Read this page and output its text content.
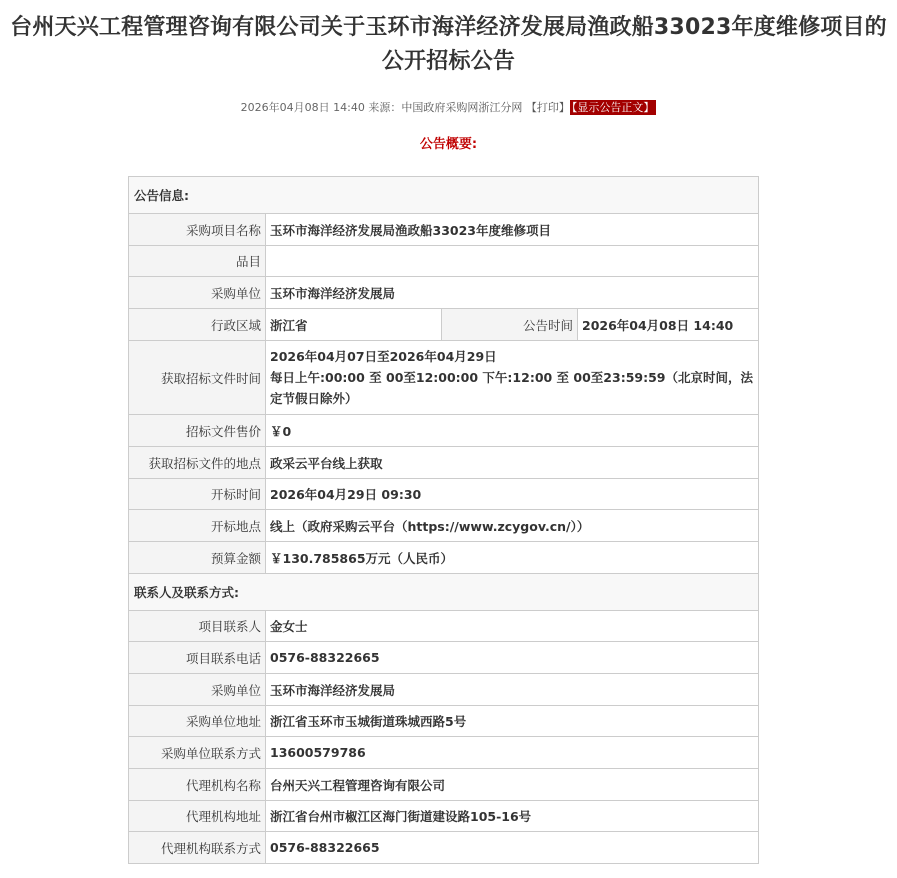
台州天兴工程管理咨询有限公司关于玉环市海洋经济发展局渔政船33023年度维修项目的公开招标公告
2026年04月08日 14:40 来源：中国政府采购网浙江分网 【打印】 【显示公告正文】
公告概要:
公告信息:			
采购项目名称	玉环市海洋经济发展局渔政船33023年度维修项目		
品目			
采购单位	玉环市海洋经济发展局		
行政区域	浙江省	公告时间	2026年04月08日 14:40
获取招标文件时间	2026年04月07日至2026年04月29日
每日上午:00:00 至 00至12:00:00 下午:12:00 至 00至23:59:59（北京时间，法定节假日除外）		

招标文件售价	￥0		
获取招标文件的地点	政采云平台线上获取		
开标时间	2026年04月29日 09:30		
开标地点	线上（政府采购云平台（https://www.zcygov.cn/））		
预算金额	￥130.785865万元（人民币）		
联系人及联系方式:			
项目联系人	金女士		
项目联系电话	0576-88322665		
采购单位	玉环市海洋经济发展局		
采购单位地址	浙江省玉环市玉城街道珠城西路5号		
采购单位联系方式	13600579786		
代理机构名称	台州天兴工程管理咨询有限公司		
代理机构地址	浙江省台州市椒江区海门街道建设路105-16号		
代理机构联系方式	0576-88322665		
